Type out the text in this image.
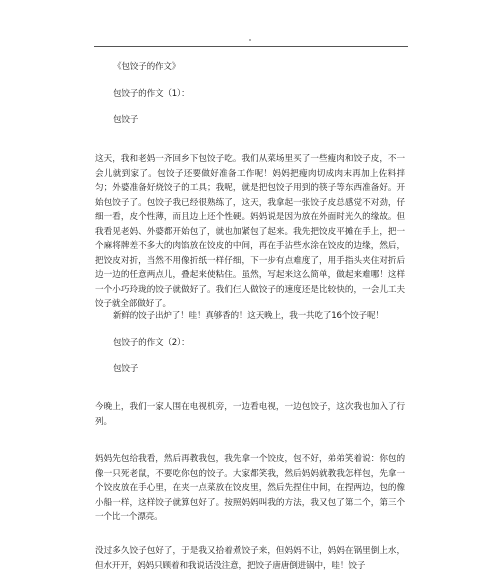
《包饺子的作文》
包饺子的作文（1）：
包饺子
这天，我和老妈一齐回乡下包饺子吃。我们从菜场里买了一些瘦肉和饺子皮，不一会儿就到家了。包饺子还要做好准备工作呢！妈妈把瘦肉切成肉末再加上佐料拌匀；外婆准备好烧饺子的工具；我呢，就是把包饺子用到的筷子等东西准备好。开始包饺子了。包饺子我已经很熟练了，这天，我拿起一张饺子皮总感觉不对劲，仔细一看，皮个性薄，而且边上还个性硬。妈妈说是因为放在外面时光久的缘故。但我看见老妈、外婆都开始包了，就也加紧包了起来。我先把饺皮平摊在手上，把一个麻将牌差不多大的肉馅放在饺皮的中间，再在手沾些水涂在饺皮的边缘，然后，把饺皮对折，当然不用像折纸一样仔细，下一步有点难度了，用手指头夹住对折后边一边的任意两点儿，叠起来使粘住。虽然，写起来这么简单，做起来难哪！这样一个小巧玲珑的饺子就做好了。我们仨人做饺子的速度还是比较快的，一会儿工夫饺子就全部做好了。
新鲜的饺子出炉了！哇！真够香的！这天晚上，我一共吃了16个饺子呢！
包饺子的作文（2）：
包饺子
今晚上，我们一家人围在电视机旁，一边看电视，一边包饺子，这次我也加入了行列。
妈妈先包给我看，然后再教我包，我先拿一个饺皮，包不好，弟弟笑着说：你包的像一只死老鼠，不要吃你包的饺子。大家都笑我，然后妈妈就教我怎样包，先拿一个饺皮放在手心里，在夹一点菜放在饺皮里，然后先捏住中间，在捏两边，包的像小船一样，这样饺子就算包好了。按照妈妈叫我的方法，我又包了第二个，第三个一个比一个漂亮。
没过多久饺子包好了，于是我又拾着煮饺子来，但妈妈不让，妈妈在锅里倒上水，但水开开，妈妈只顾着和我说话没注意，把饺子唐唐倒进锅中，哇！饺子
